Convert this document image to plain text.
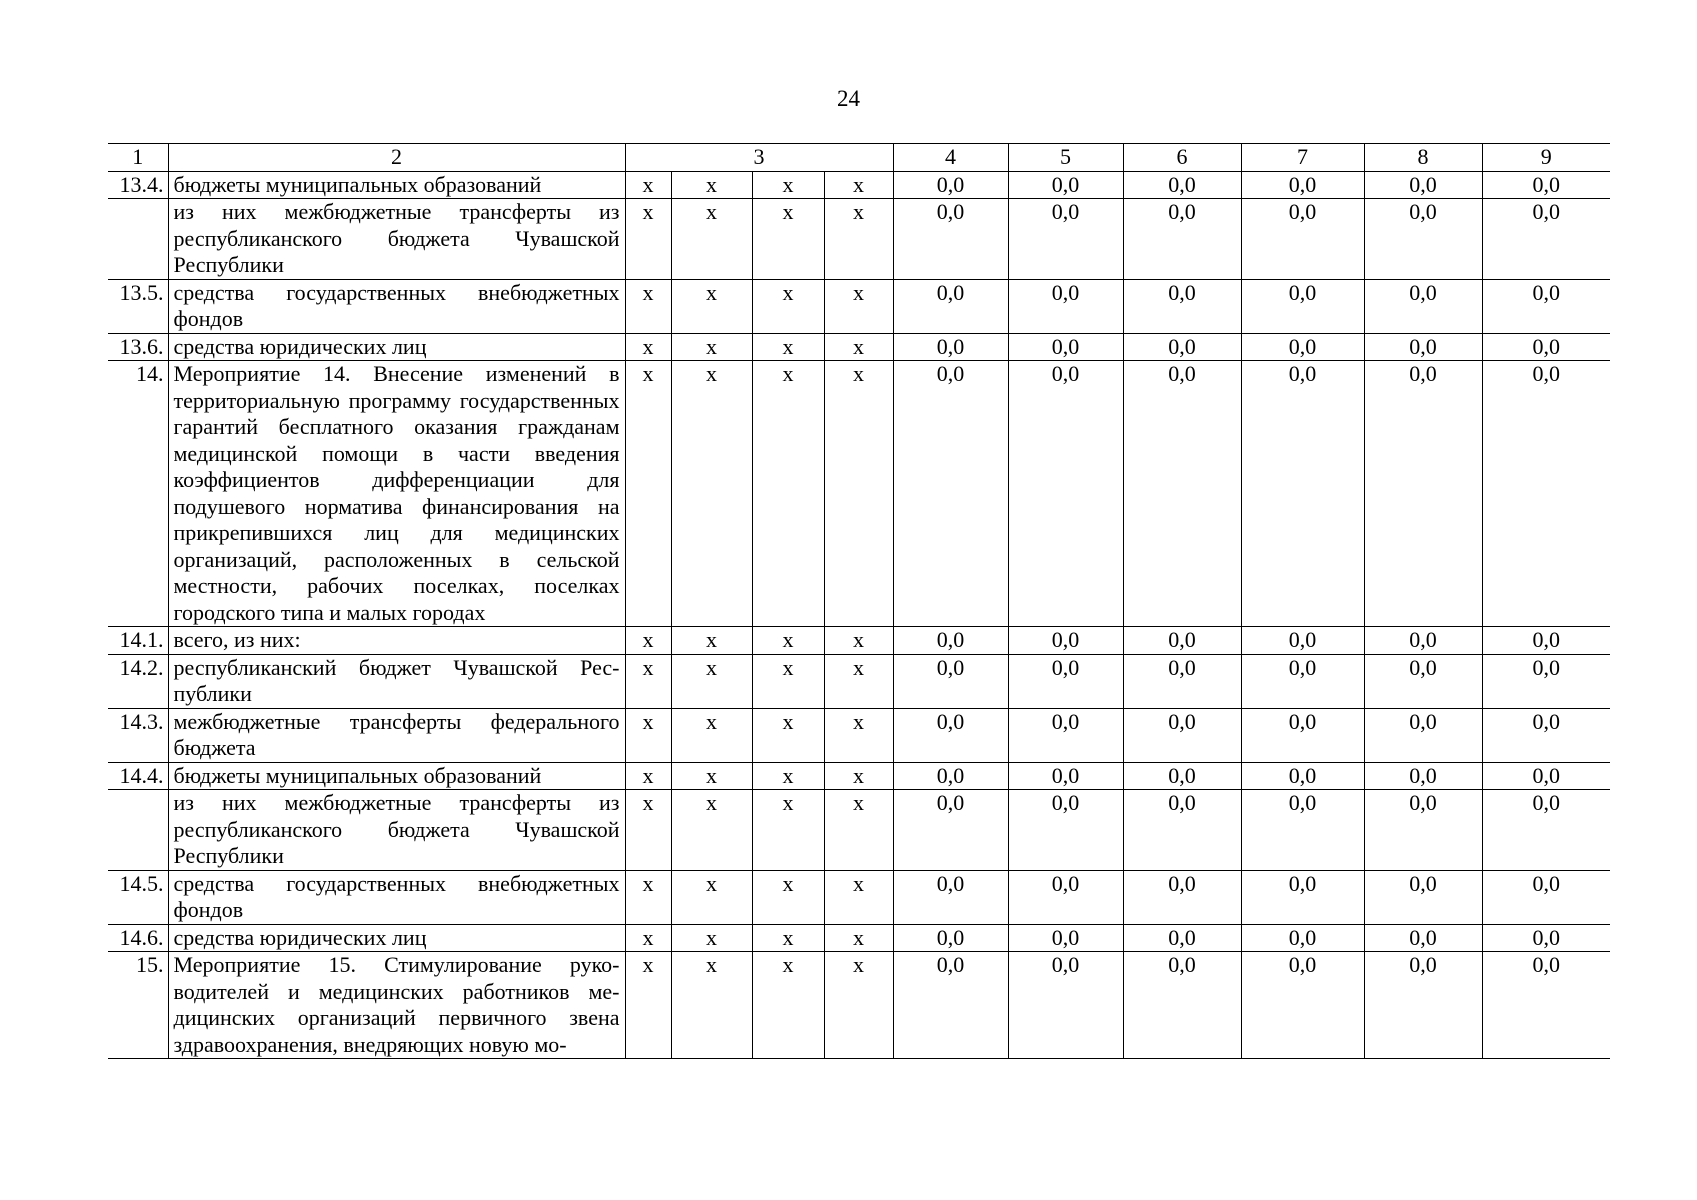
24
1	2	3				4	5	6	7	8	9
13.4.	бюджеты муниципальных образований	х	х	х	х	0,0	0,0	0,0	0,0	0,0	0,0
	из них межбюджетные трансферты из республиканского бюджета Чувашской Республики	х	х	х	х	0,0	0,0	0,0	0,0	0,0	0,0
13.5.	средства государственных внебюджетных фондов	х	х	х	х	0,0	0,0	0,0	0,0	0,0	0,0
13.6.	средства юридических лиц	х	х	х	х	0,0	0,0	0,0	0,0	0,0	0,0
14.	Мероприятие 14. Внесение изменений в территориальную программу государственных гарантий бесплатного оказания гражданам медицинской помощи в части введения коэффициентов дифференциации для подушевого норматива финансирования на прикрепившихся лиц для медицинских организаций, расположенных в сельской местности, рабочих поселках, поселках городского типа и малых городах	х	х	х	х	0,0	0,0	0,0	0,0	0,0	0,0
14.1.	всего, из них:	х	х	х	х	0,0	0,0	0,0	0,0	0,0	0,0
14.2.	республиканский бюджет Чувашской Республики	х	х	х	х	0,0	0,0	0,0	0,0	0,0	0,0
14.3.	межбюджетные трансферты федерального бюджета	х	х	х	х	0,0	0,0	0,0	0,0	0,0	0,0
14.4.	бюджеты муниципальных образований	х	х	х	х	0,0	0,0	0,0	0,0	0,0	0,0
	из них межбюджетные трансферты из республиканского бюджета Чувашской Республики	х	х	х	х	0,0	0,0	0,0	0,0	0,0	0,0
14.5.	средства государственных внебюджетных фондов	х	х	х	х	0,0	0,0	0,0	0,0	0,0	0,0
14.6.	средства юридических лиц	х	х	х	х	0,0	0,0	0,0	0,0	0,0	0,0
15.	Мероприятие 15. Стимулирование руководителей и медицинских работников медицинских организаций первичного звена здравоохранения, внедряющих новую мо-	х	х	х	х	0,0	0,0	0,0	0,0	0,0	0,0
